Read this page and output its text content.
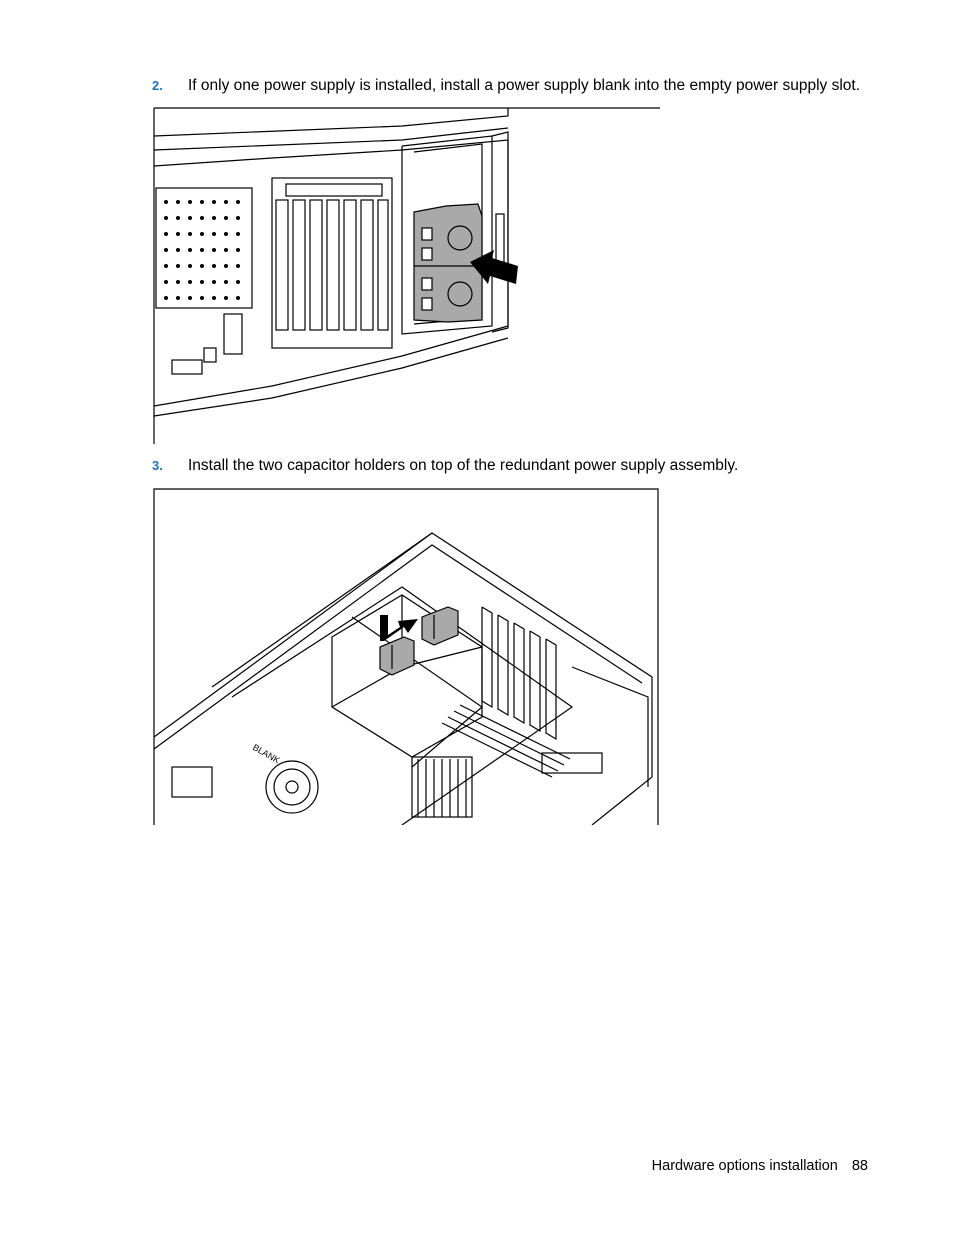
2. If only one power supply is installed, install a power supply blank into the empty power supply slot.
3. Install the two capacitor holders on top of the redundant power supply assembly.
BLANK
Hardware options installation 88
